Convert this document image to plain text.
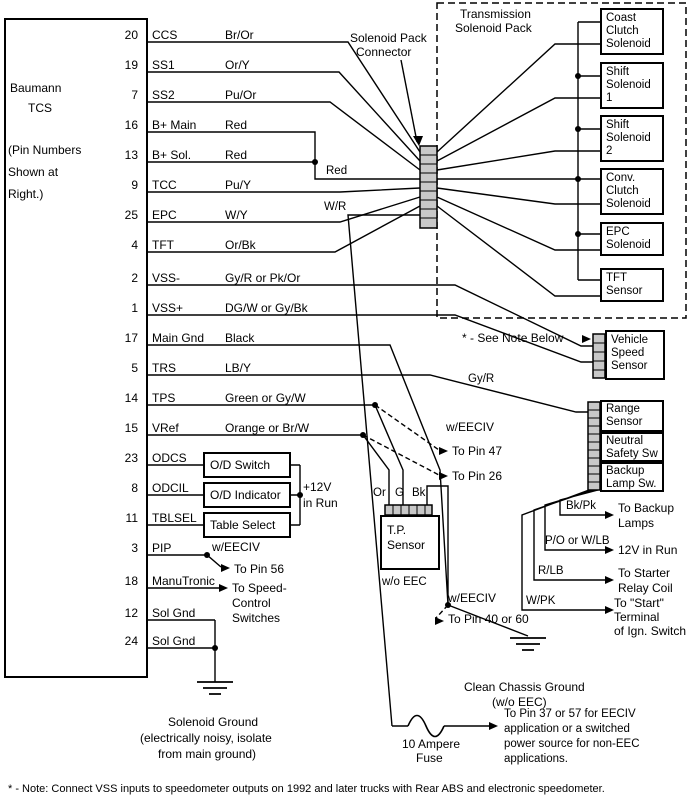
Baumann
TCS
(Pin Numbers
Shown at
Right.)
20 CCS	Br/Or
19 SS1	Or/Y
7 SS2	Pu/Or
16 B+ Main Red
13 B+ Sol.	Red
9 TCC	Pu/Y
25 EPC	W/Y
4 TFT	Or/Bk
2 VSS-	Gy/R or Pk/Or
1 VSS+	DG/W or Gy/Bk
17 Main Gnd Black
5 TRS	LB/Y
14 TPS	Green or Gy/W
15 VRef	Orange or Br/W
23 ODCS
8 ODCIL
11 TBLSEL
3 PIP
18 ManuTronic
12 Sol Gnd
24 Sol Gnd
O/D Switch
O/D Indicator
Table Select
Solenoid Pack
Connector
Transmission
Solenoid Pack
Coast
Clutch
Solenoid
Shift
Solenoid
1
Shift
Solenoid
2
Conv.
Clutch
Solenoid
EPC
Solenoid
TFT
Sensor
Vehicle
Speed
Sensor
Range
Sensor
Neutral
Safety Sw
Backup
Lamp Sw.
T.P.
Sensor
Red
W/R
Gy/R
* - See Note Below
Or G Bk
w/o EEC
+12V
in Run
w/EECIV
To Pin 56
To Speed-
Control
Switches
w/EECIV
To Pin 47
To Pin 26
w/EECIV
To Pin 40 or 60
Bk/Pk To Backup
Lamps
P/O or W/LB
12V in Run
R/LB	To Starter
Relay Coil
W/PK	To "Start"
Terminal
of Ign. Switch
Clean Chassis Ground
(w/o EEC)
Solenoid Ground
(electrically noisy, isolate
from main ground)
10 Ampere
Fuse
To Pin 37 or 57 for EECIV
application or a switched
power source for non-EEC
applications.
* - Note: Connect VSS inputs to speedometer outputs on 1992 and later trucks with Rear ABS and electronic speedometer.
